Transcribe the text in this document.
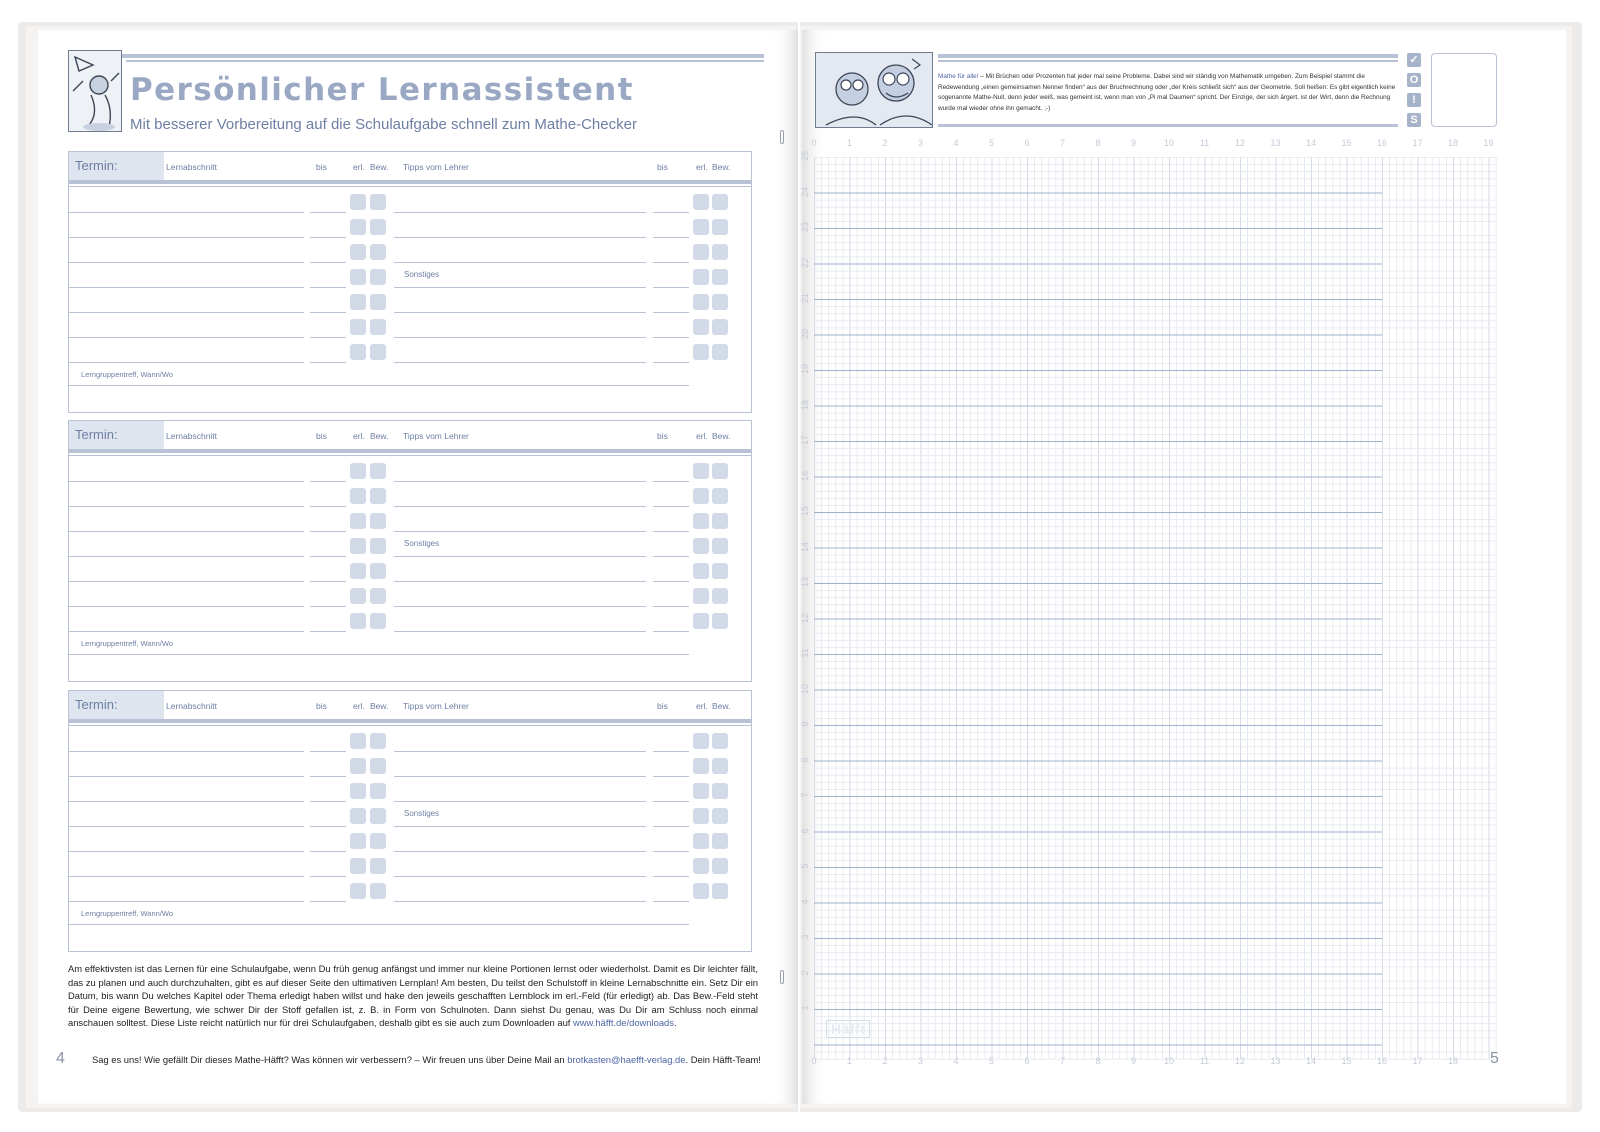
Persönlicher Lernassistent
Mit besserer Vorbereitung auf die Schulaufgabe schnell zum Mathe-Checker
Termin:	Lernabschnitt	bis	erl. Bew. Tipps vom Lehrer	bis	erl. Bew.
Sonstiges
Lerngruppentreff, Wann/Wo
Termin:	Lernabschnitt	bis	erl. Bew. Tipps vom Lehrer	bis	erl. Bew.
Sonstiges
Lerngruppentreff, Wann/Wo
Termin:	Lernabschnitt	bis	erl. Bew. Tipps vom Lehrer	bis	erl. Bew.
Sonstiges
Lerngruppentreff, Wann/Wo
Am effektivsten ist das Lernen für eine Schulaufgabe, wenn Du früh genug anfängst und immer nur kleine Portionen lernst oder wiederholst. Damit es Dir leichter fällt, das zu planen und auch durchzuhalten, gibt es auf dieser Seite den ultimativen Lernplan! Am besten, Du teilst den Schulstoff in kleine Lernabschnitte ein. Setz Dir ein Datum, bis wann Du welches Kapitel oder Thema erledigt haben willst und hake den jeweils geschafften Lernblock im erl.-Feld (für erledigt) ab. Das Bew.-Feld steht für Deine eigene Bewertung, wie schwer Dir der Stoff gefallen ist, z. B. in Form von Schulnoten. Dann siehst Du genau, was Du Dir am Schluss noch einmal anschauen solltest. Diese Liste reicht natürlich nur für drei Schulaufgaben, deshalb gibt es sie auch zum Downloaden auf www.häfft.de/downloads.
4	Sag es uns! Wie gefällt Dir dieses Mathe-Häfft? Was können wir verbessern? – Wir freuen uns über Deine Mail an brotkasten@haefft-verlag.de. Dein Häfft-Team!
Mathe für alle! – Mit Brüchen oder Prozenten hat jeder mal seine Probleme. Dabei sind wir ständig von Mathematik umgeben. Zum Beispiel stammt die Redewendung „einen gemeinsamen Nenner finden“ aus der Bruchrechnung oder „der Kreis schließt sich“ aus der Geometrie. Soll heißen: Es gibt eigentlich keine sogenannte Mathe-Null, denn jeder weiß, was gemeint ist, wenn man von „Pi mal Daumen“ spricht. Der Einzige, der sich ärgert, ist der Wirt, denn die Rechnung wurde mal wieder ohne ihn gemacht. ;-)
✓
O
!
S
Häfft
5
0	1	2	3	4	5	6	7	8	9	10	11	12	13	14	15	16	17	18	19
0	1	2	3	4	5	6	7	8	9	10	11	12	13	14	15	16	17	18
25
24
23
22
21
20
19
18
17
16
15
14
13
12
11
10
9
8
7
6
5
4
3
2
1
